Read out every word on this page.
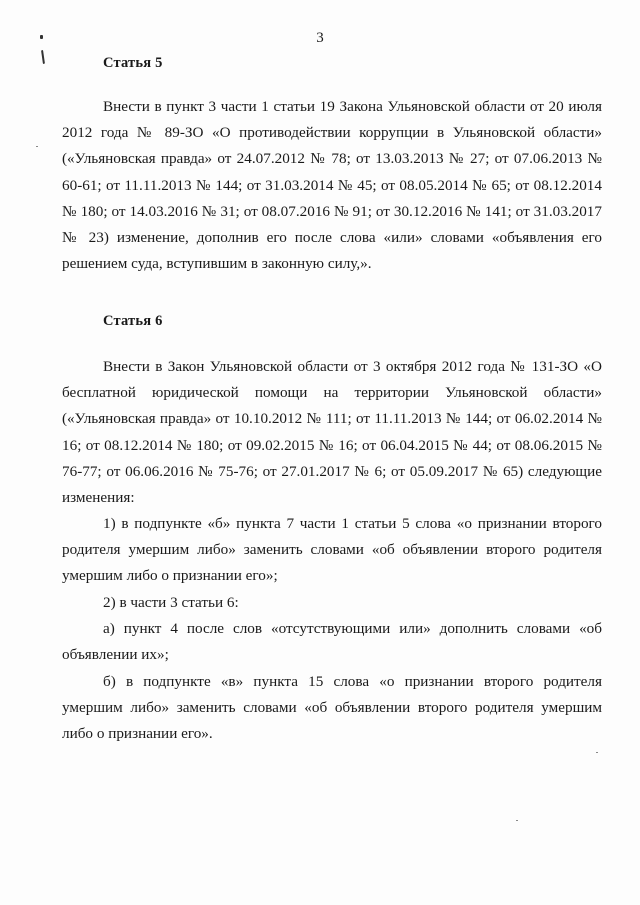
3
Статья 5

Внести в пункт 3 части 1 статьи 19 Закона Ульяновской области от 20 июля 2012 года № 89-ЗО «О противодействии коррупции в Ульяновской области» («Ульяновская правда» от 24.07.2012 № 78; от 13.03.2013 № 27; от 07.06.2013 № 60-61; от 11.11.2013 № 144; от 31.03.2014 № 45; от 08.05.2014 № 65; от 08.12.2014 № 180; от 14.03.2016 № 31; от 08.07.2016 № 91; от 30.12.2016 № 141; от 31.03.2017 № 23) изменение, дополнив его после слова «или» словами «объявления его решением суда, вступившим в законную силу,».

Статья 6

Внести в Закон Ульяновской области от 3 октября 2012 года № 131-ЗО «О бесплатной юридической помощи на территории Ульяновской области» («Ульяновская правда» от 10.10.2012 № 111; от 11.11.2013 № 144; от 06.02.2014 № 16; от 08.12.2014 № 180; от 09.02.2015 № 16; от 06.04.2015 № 44; от 08.06.2015 № 76-77; от 06.06.2016 № 75-76; от 27.01.2017 № 6; от 05.09.2017 № 65) следующие изменения:

1) в подпункте «б» пункта 7 части 1 статьи 5 слова «о признании второго родителя умершим либо» заменить словами «об объявлении второго родителя умершим либо о признании его»;

2) в части 3 статьи 6:

а) пункт 4 после слов «отсутствующими или» дополнить словами «об объявлении их»;

б) в подпункте «в» пункта 15 слова «о признании второго родителя умершим либо» заменить словами «об объявлении второго родителя умершим либо о признании его».
